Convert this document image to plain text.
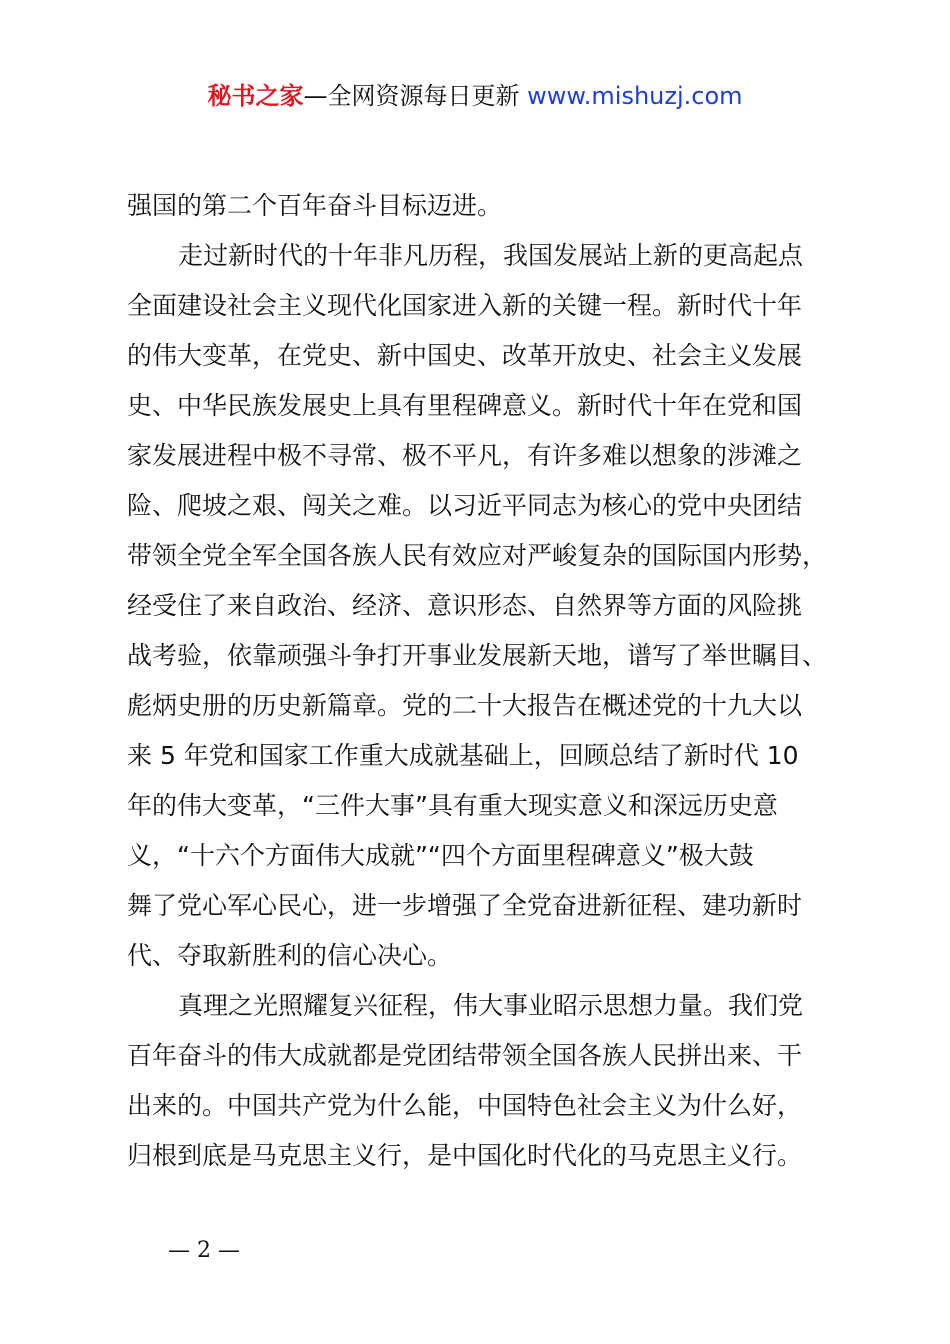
秘书之家—全网资源每日更新 www.mishuzj.com
强国的第二个百年奋斗目标迈进。
走过新时代的十年非凡历程，我国发展站上新的更高起点
全面建设社会主义现代化国家进入新的关键一程。新时代十年
的伟大变革，在党史、新中国史、改革开放史、社会主义发展
史、中华民族发展史上具有里程碑意义。新时代十年在党和国
家发展进程中极不寻常、极不平凡，有许多难以想象的涉滩之
险、爬坡之艰、闯关之难。以习近平同志为核心的党中央团结
带领全党全军全国各族人民有效应对严峻复杂的国际国内形势，
经受住了来自政治、经济、意识形态、自然界等方面的风险挑
战考验，依靠顽强斗争打开事业发展新天地，谱写了举世瞩目、
彪炳史册的历史新篇章。党的二十大报告在概述党的十九大以
来 5 年党和国家工作重大成就基础上，回顾总结了新时代 10
年的伟大变革，“三件大事”具有重大现实意义和深远历史意
义，“十六个方面伟大成就”“四个方面里程碑意义”极大鼓
舞了党心军心民心，进一步增强了全党奋进新征程、建功新时
代、夺取新胜利的信心决心。
真理之光照耀复兴征程，伟大事业昭示思想力量。我们党
百年奋斗的伟大成就都是党团结带领全国各族人民拼出来、干
出来的。中国共产党为什么能，中国特色社会主义为什么好，
归根到底是马克思主义行，是中国化时代化的马克思主义行。
— 2 —
